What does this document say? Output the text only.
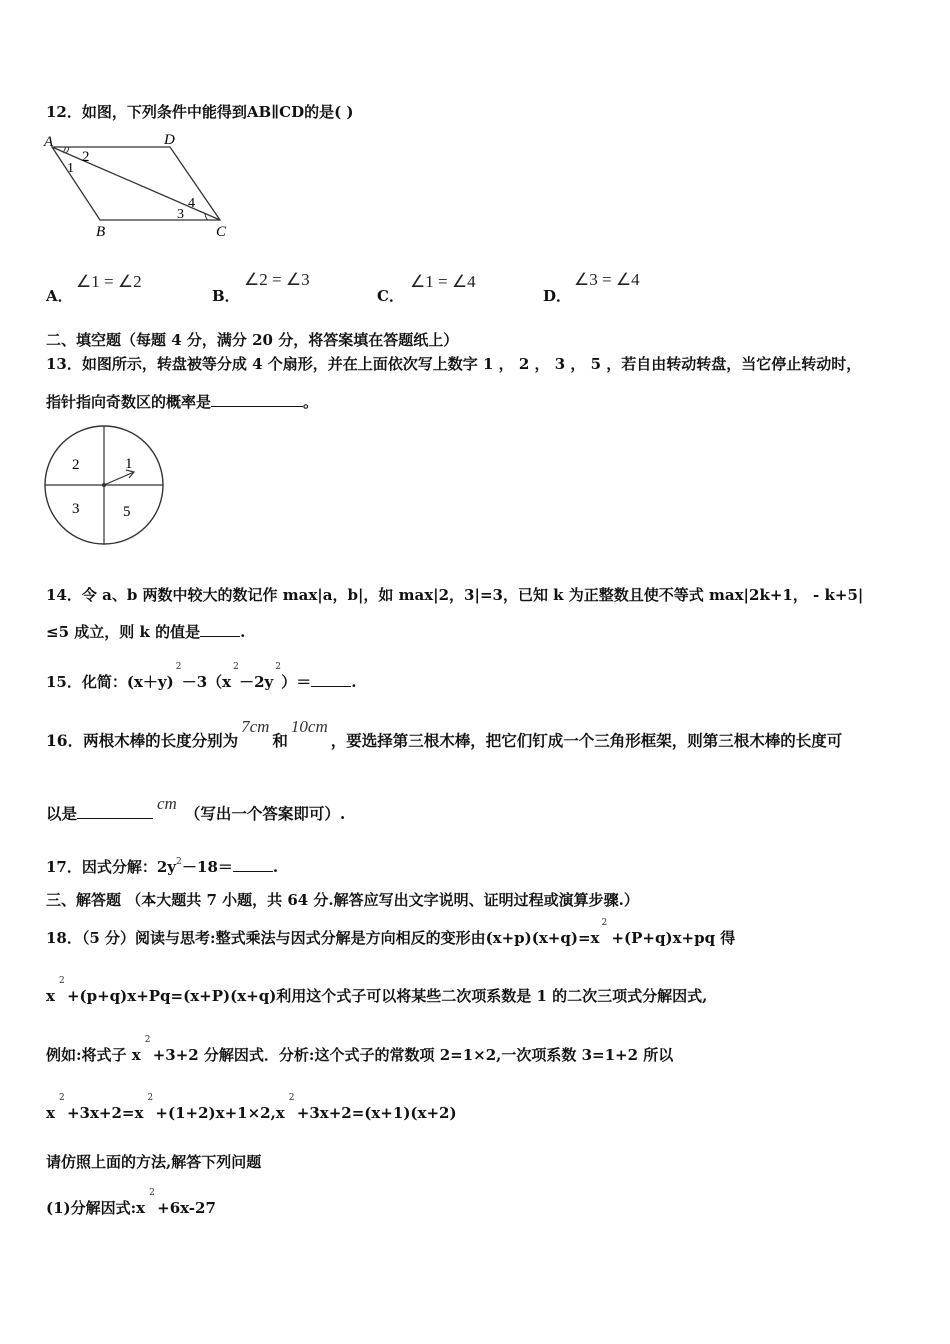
12．如图，下列条件中能得到AB∥CD的是( )
A	D
B	C
1
2
3
4
A．
∠1 = ∠2
B．
∠2 = ∠3
C．
∠1 = ∠4
D．
∠3 = ∠4
二、填空题（每题 4 分，满分 20 分，将答案填在答题纸上）
13．如图所示，转盘被等分成 4 个扇形，并在上面依次写上数字 1 ， 2 ， 3 ， 5 ，若自由转动转盘，当它停止转动时，
指针指向奇数区的概率是	。
2	1
3	5
14．令 a、b 两数中较大的数记作 max|a，b|，如 max|2，3|=3，已知 k 为正整数且使不等式 max|2k+1， - k+5|
≤5 成立，则 k 的值是	.
15．化简：(x＋y)
2
－3（x
2
－2y
2
）＝	.
16．两根木棒的长度分别为7cm和10cm，要选择第三根木棒，把它们钉成一个三角形框架，则第三根木棒的长度可
以是cm（写出一个答案即可）.
17．因式分解：2y 2 －18＝	.
三、解答题 （本大题共 7 小题，共 64 分.解答应写出文字说明、证明过程或演算步骤.）
18．（5 分）阅读与思考:整式乘法与因式分解是方向相反的变形由(x+p)(x+q)=x
2
+(P+q)x+pq 得
x
2
+(p+q)x+Pq=(x+P)(x+q)利用这个式子可以将某些二次项系数是 1 的二次三项式分解因式,
例如:将式子 x
2
+3+2 分解因式．分析:这个式子的常数项 2=1×2,一次项系数 3=1+2 所以
x
2
+3x+2=x
2
+(1+2)x+1×2,x
2
+3x+2=(x+1)(x+2)
请仿照上面的方法,解答下列问题
(1)分解因式:x
2
+6x-27
